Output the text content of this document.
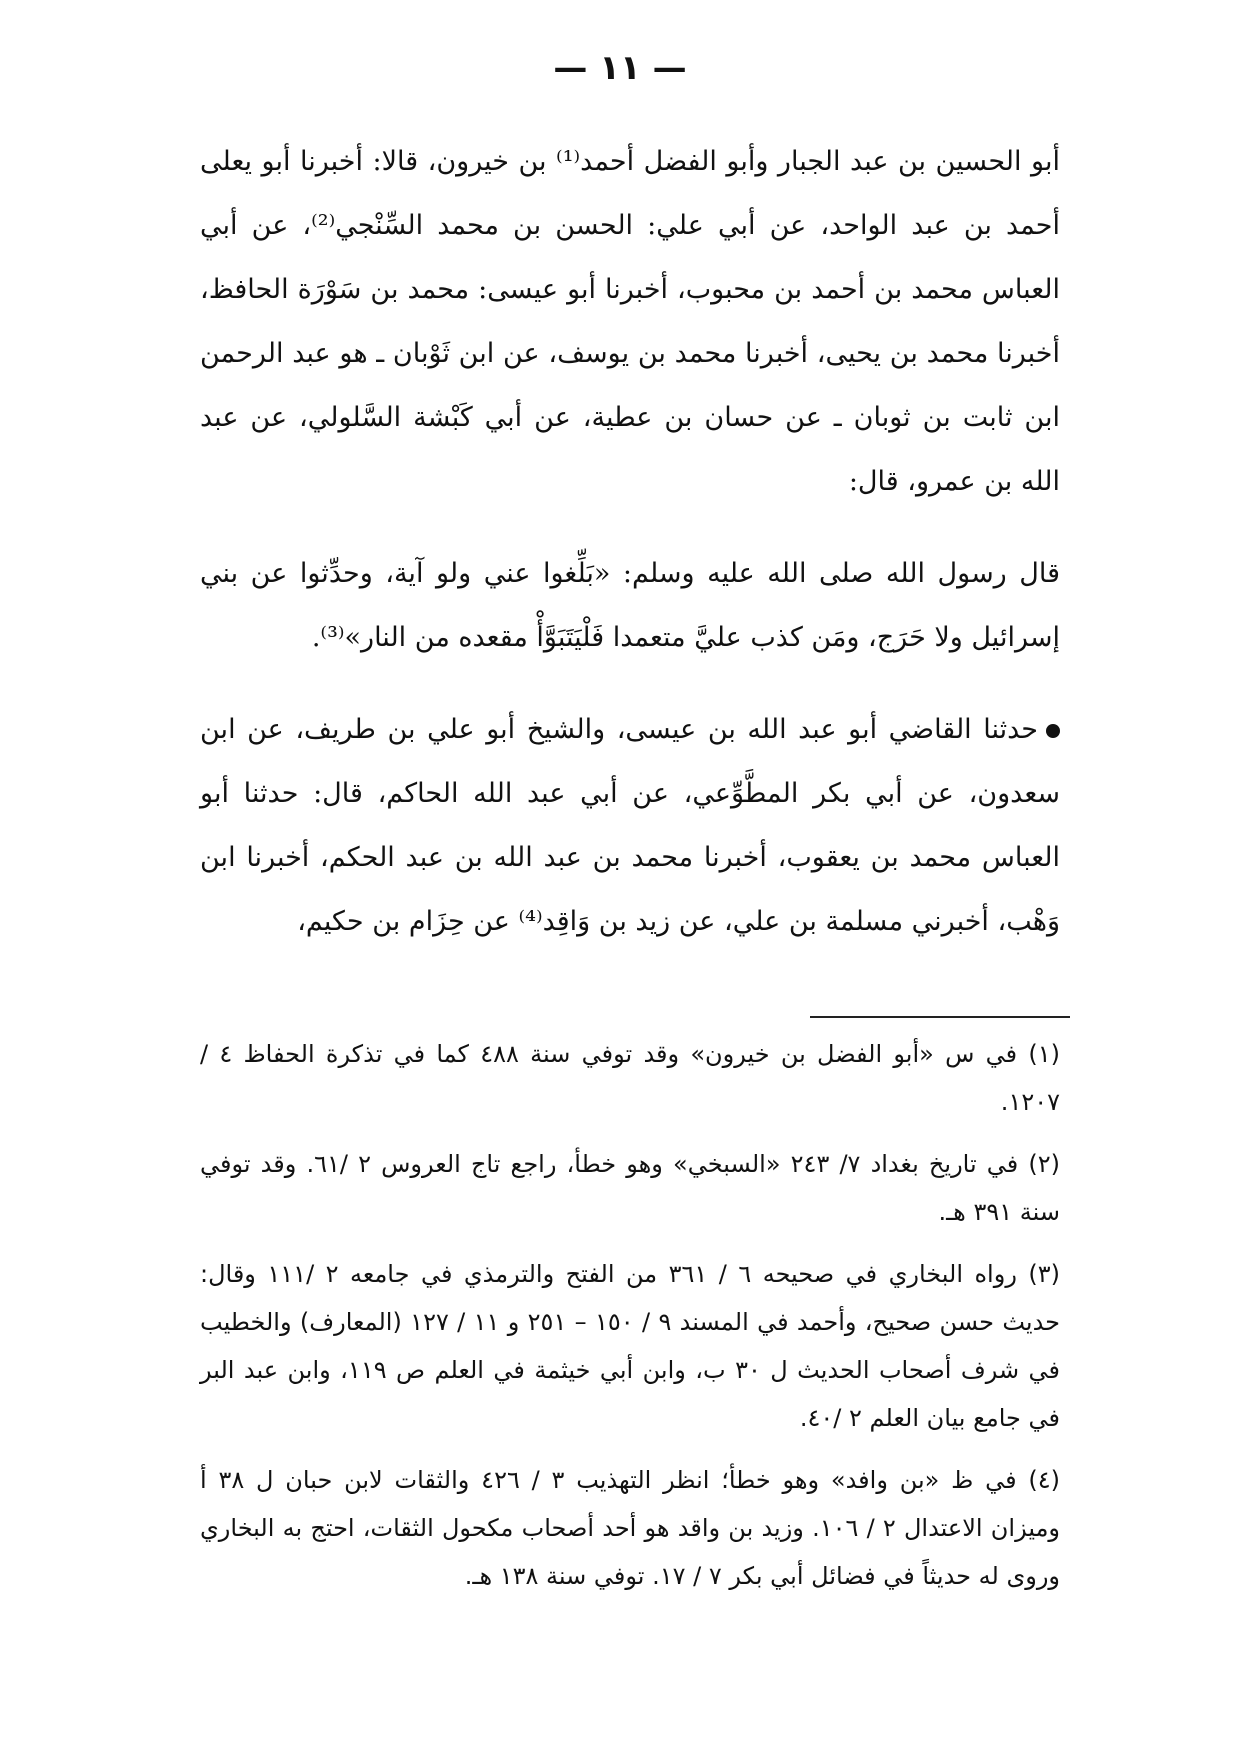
— ١١ —

أبو الحسين بن عبد الجبار وأبو الفضل أحمد⁽¹⁾ بن خيرون، قالا: أخبرنا أبو يعلى أحمد بن عبد الواحد، عن أبي علي: الحسن بن محمد السِّنْجي⁽²⁾، عن أبي العباس محمد بن أحمد بن محبوب، أخبرنا أبو عيسى: محمد بن سَوْرَة الحافظ، أخبرنا محمد بن يحيى، أخبرنا محمد بن يوسف، عن ابن ثَوْبان ـ هو عبد الرحمن ابن ثابت بن ثوبان ـ عن حسان بن عطية، عن أبي كَبْشة السَّلولي، عن عبد الله بن عمرو، قال:

قال رسول الله صلى الله عليه وسلم: «بَلِّغوا عني ولو آية، وحدِّثوا عن بني إسرائيل ولا حَرَج، ومَن كذب عليَّ متعمدا فَلْيَتَبَوَّأْ مقعده من النار»⁽³⁾.

حدثنا القاضي أبو عبد الله بن عيسى، والشيخ أبو علي بن طريف، عن ابن سعدون، عن أبي بكر المطَّوِّعي، عن أبي عبد الله الحاكم، قال: حدثنا أبو العباس محمد بن يعقوب، أخبرنا محمد بن عبد الله بن عبد الحكم، أخبرنا ابن وَهْب، أخبرني مسلمة بن علي، عن زيد بن وَاقِد⁽⁴⁾ عن حِزَام بن حكيم،

(١) في س «أبو الفضل بن خيرون» وقد توفي سنة ٤٨٨ كما في تذكرة الحفاظ ٤ / ١٢٠٧.

(٢) في تاريخ بغداد ٧/ ٢٤٣ «السبخي» وهو خطأ، راجع تاج العروس ٢ /٦١. وقد توفي سنة ٣٩١ هـ.

(٣) رواه البخاري في صحيحه ٦ / ٣٦١ من الفتح والترمذي في جامعه ٢ /١١١ وقال: حديث حسن صحيح، وأحمد في المسند ٩ / ١٥٠ – ٢٥١ و ١١ / ١٢٧ (المعارف) والخطيب في شرف أصحاب الحديث ل ٣٠ ب، وابن أبي خيثمة في العلم ص ١١٩، وابن عبد البر في جامع بيان العلم ٢ /٤٠.

(٤) في ظ «بن وافد» وهو خطأ؛ انظر التهذيب ٣ / ٤٢٦ والثقات لابن حبان ل ٣٨ أ وميزان الاعتدال ٢ / ١٠٦. وزيد بن واقد هو أحد أصحاب مكحول الثقات، احتج به البخاري وروى له حديثاً في فضائل أبي بكر ٧ / ١٧. توفي سنة ١٣٨ هـ.
